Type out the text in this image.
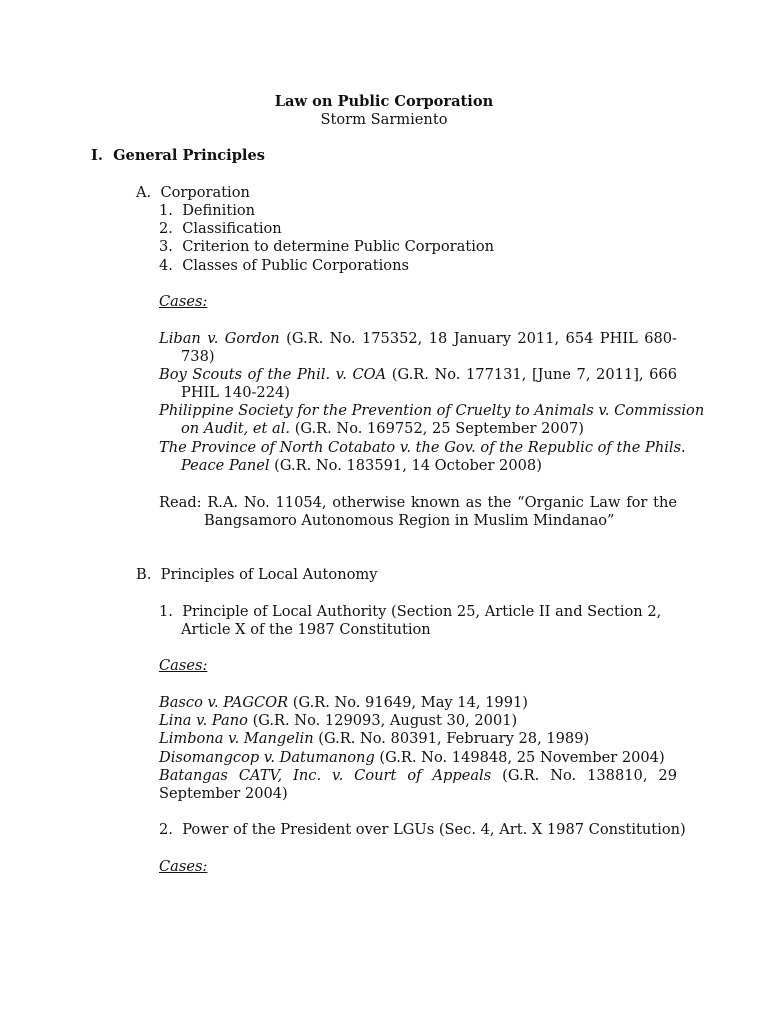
Law on Public Corporation
Storm Sarmiento
I.  General Principles
A.  Corporation
1.  Definition
2.  Classification
3.  Criterion to determine Public Corporation
4.  Classes of Public Corporations
Cases:
Liban v. Gordon (G.R. No. 175352, 18 January 2011, 654 PHIL 680-
738)
Boy Scouts of the Phil. v. COA (G.R. No. 177131, [June 7, 2011], 666
PHIL 140-224)
Philippine Society for the Prevention of Cruelty to Animals v. Commission
on Audit, et al. (G.R. No. 169752, 25 September 2007)
The Province of North Cotabato v. the Gov. of the Republic of the Phils.
Peace Panel (G.R. No. 183591, 14 October 2008)
Read: R.A. No. 11054, otherwise known as the “Organic Law for the
Bangsamoro Autonomous Region in Muslim Mindanao”
B.  Principles of Local Autonomy
1.  Principle of Local Authority (Section 25, Article II and Section 2,
Article X of the 1987 Constitution
Cases:
Basco v. PAGCOR (G.R. No. 91649, May 14, 1991)
Lina v. Pano (G.R. No. 129093, August 30, 2001)
Limbona v. Mangelin (G.R. No. 80391, February 28, 1989)
Disomangcop v. Datumanong (G.R. No. 149848, 25 November 2004)
Batangas CATV, Inc. v. Court of Appeals (G.R. No. 138810, 29
September 2004)
2.  Power of the President over LGUs (Sec. 4, Art. X 1987 Constitution)
Cases:
